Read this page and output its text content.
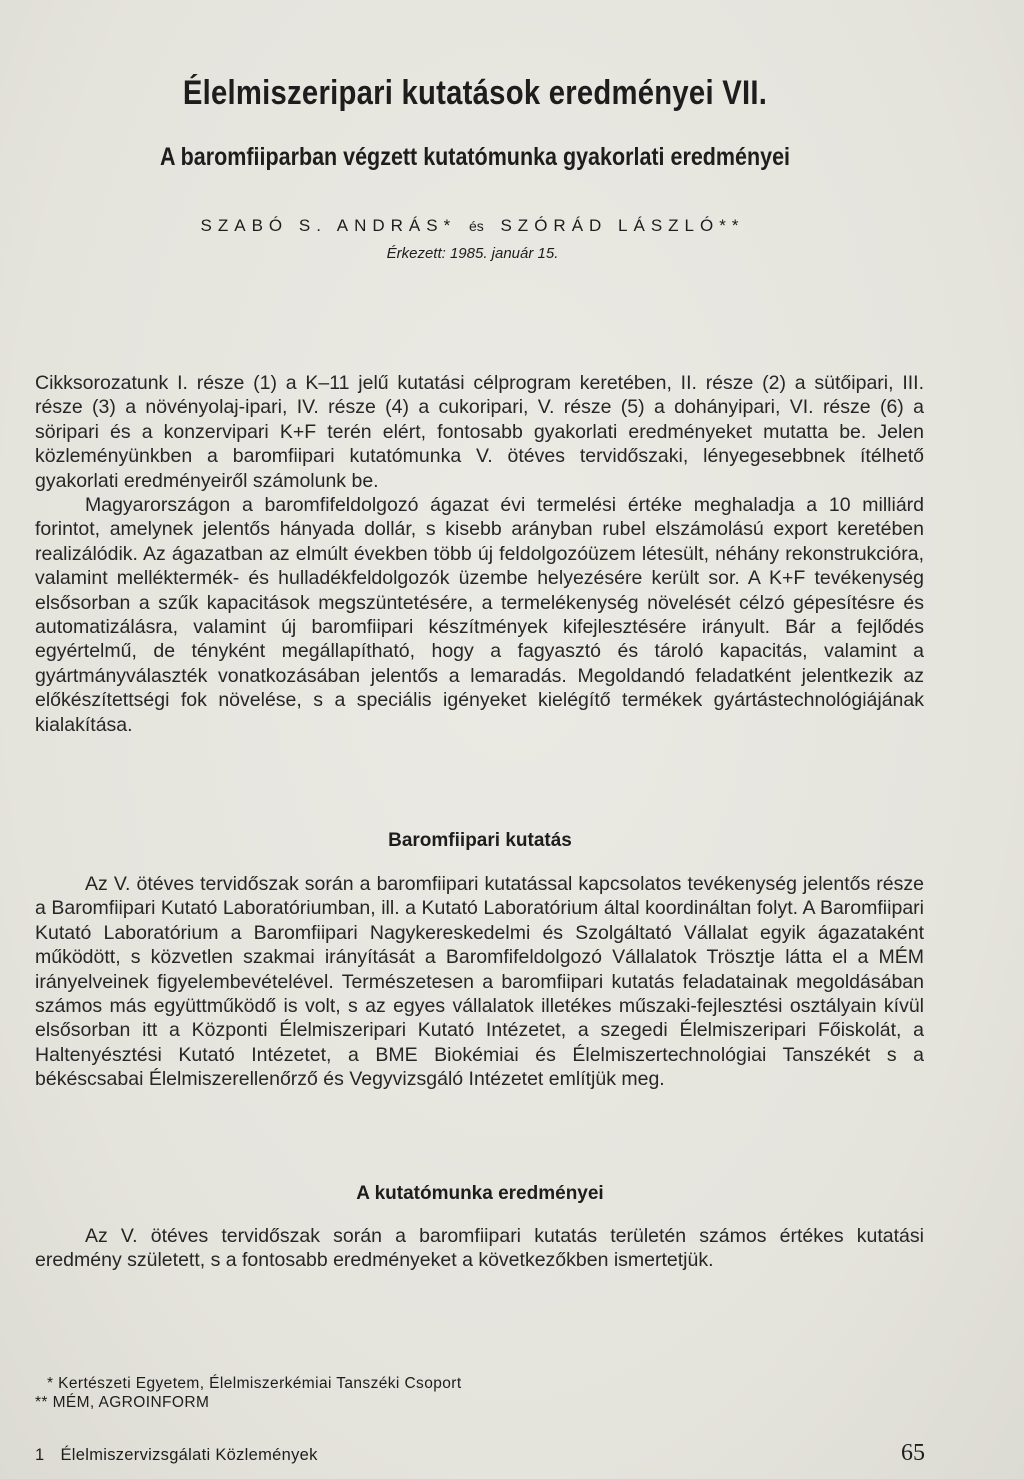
Élelmiszeripari kutatások eredményei VII.
A baromfiiparban végzett kutatómunka gyakorlati eredményei
SZABÓ S. ANDRÁS* és SZÓRÁD LÁSZLÓ**
Érkezett: 1985. január 15.

Cikksorozatunk I. része (1) a K–11 jelű kutatási célprogram keretében, II. része (2) a sütőipari, III. része (3) a növényolaj-ipari, IV. része (4) a cukoripari, V. része (5) a dohányipari, VI. része (6) a söripari és a konzervipari K+F terén elért, fontosabb gyakorlati eredményeket mutatta be. Jelen közleményünkben a baromfiipari kutatómunka V. ötéves tervidőszaki, lényegesebbnek ítélhető gyakorlati eredményeiről számolunk be.

Magyarországon a baromfifeldolgozó ágazat évi termelési értéke meghaladja a 10 milliárd forintot, amelynek jelentős hányada dollár, s kisebb arányban rubel elszámolású export keretében realizálódik. Az ágazatban az elmúlt években több új feldolgozóüzem létesült, néhány rekonstrukcióra, valamint melléktermék- és hulladékfeldolgozók üzembe helyezésére került sor. A K+F tevékenység elsősorban a szűk kapacitások megszüntetésére, a termelékenység növelését célzó gépesítésre és automatizálásra, valamint új baromfiipari készítmények kifejlesztésére irányult. Bár a fejlődés egyértelmű, de tényként megállapítható, hogy a fagyasztó és tároló kapacitás, valamint a gyártmányválaszték vonatkozásában jelentős a lemaradás. Megoldandó feladatként jelentkezik az előkészítettségi fok növelése, s a speciális igényeket kielégítő termékek gyártástechnológiájának kialakítása.

Baromfiipari kutatás

Az V. ötéves tervidőszak során a baromfiipari kutatással kapcsolatos tevékenység jelentős része a Baromfiipari Kutató Laboratóriumban, ill. a Kutató Laboratórium által koordináltan folyt. A Baromfiipari Kutató Laboratórium a Baromfiipari Nagykereskedelmi és Szolgáltató Vállalat egyik ágazataként működött, s közvetlen szakmai irányítását a Baromfifeldolgozó Vállalatok Trösztje látta el a MÉM irányelveinek figyelembevételével. Természetesen a baromfiipari kutatás feladatainak megoldásában számos más együttműködő is volt, s az egyes vállalatok illetékes műszaki-fejlesztési osztályain kívül elsősorban itt a Központi Élelmiszeripari Kutató Intézetet, a szegedi Élelmiszeripari Főiskolát, a Haltenyésztési Kutató Intézetet, a BME Biokémiai és Élelmiszertechnológiai Tanszékét s a békéscsabai Élelmiszerellenőrző és Vegyvizsgáló Intézetet említjük meg.

A kutatómunka eredményei

Az V. ötéves tervidőszak során a baromfiipari kutatás területén számos értékes kutatási eredmény született, s a fontosabb eredményeket a következőkben ismertetjük.

* Kertészeti Egyetem, Élelmiszerkémiai Tanszéki Csoport
** MÉM, AGROINFORM
1 Élelmiszervizsgálati Közlemények	65
